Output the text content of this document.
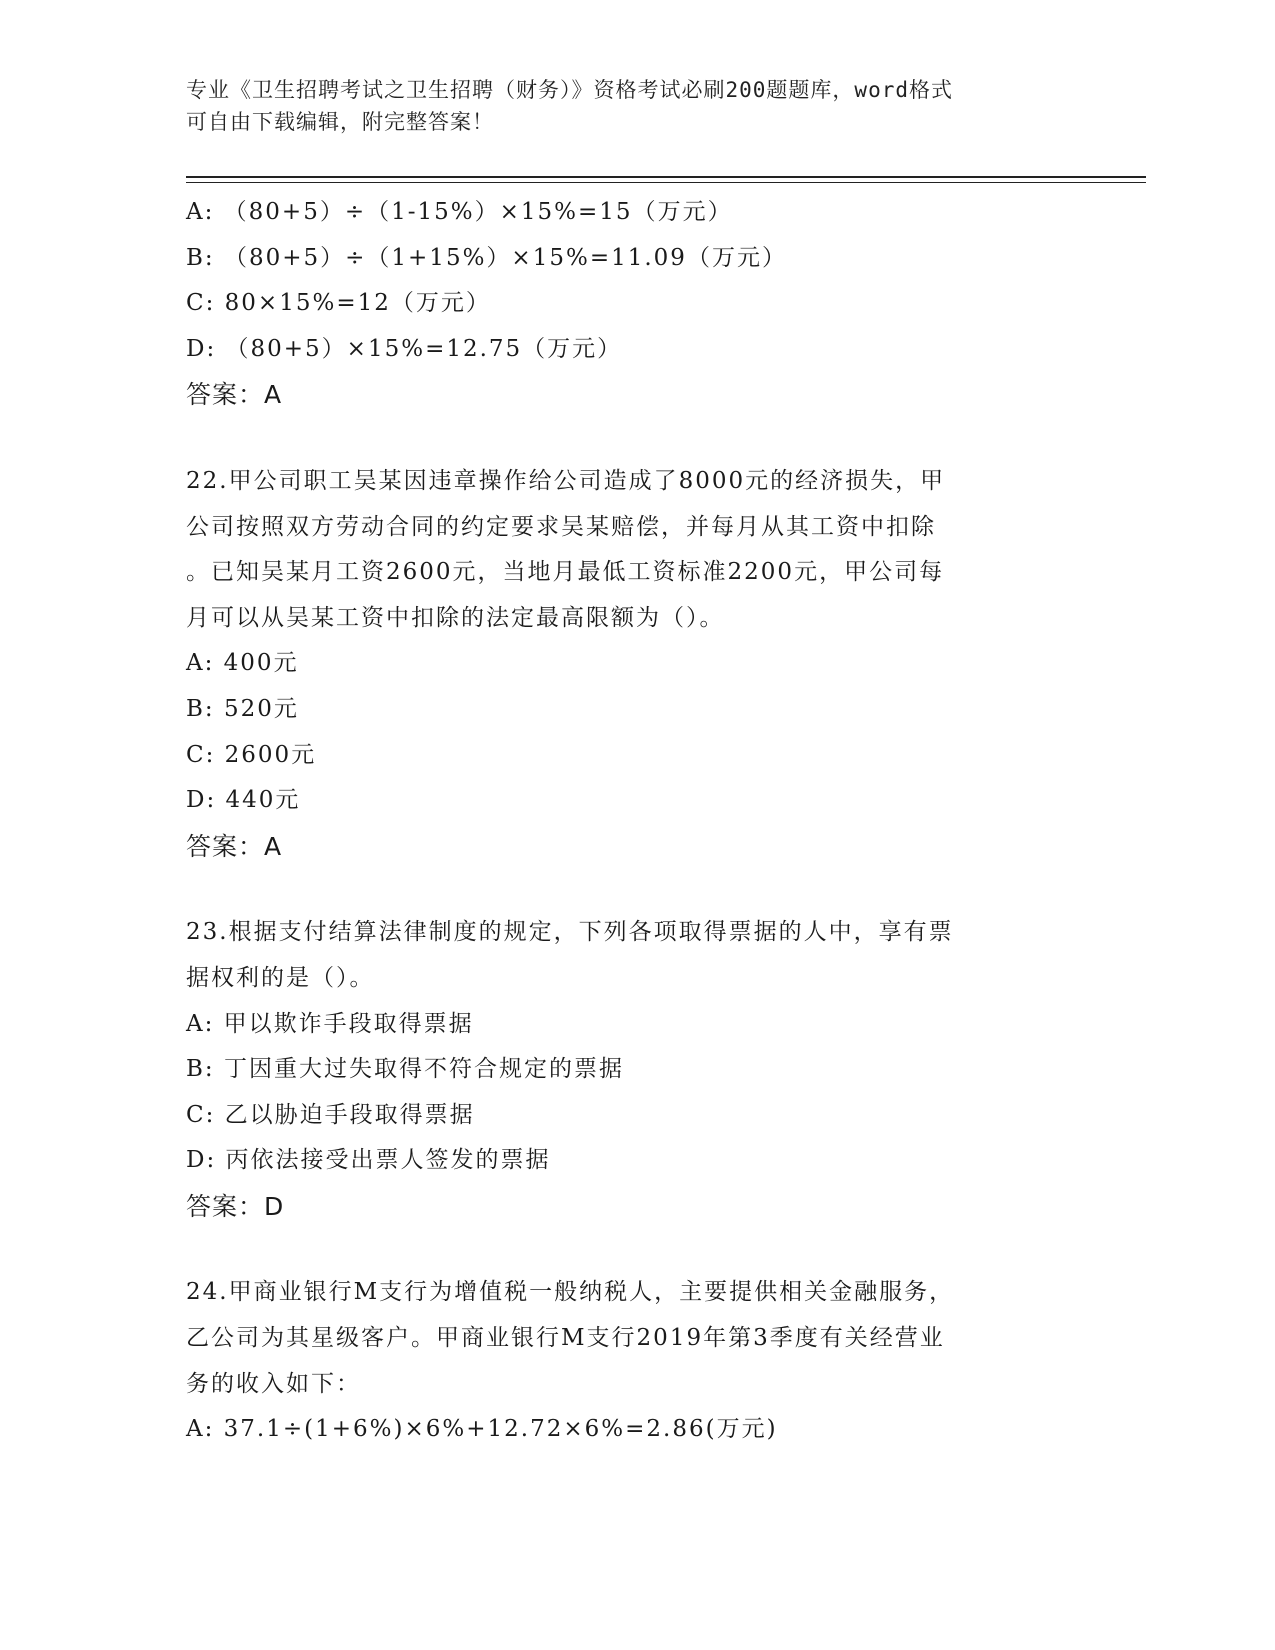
专业《卫生招聘考试之卫生招聘（财务）》资格考试必刷200题题库，word格式
可自由下载编辑，附完整答案！
A: （80+5）÷（1-15%）×15%=15（万元）
B: （80+5）÷（1+15%）×15%=11.09（万元）
C: 80×15%=12（万元）
D: （80+5）×15%=12.75（万元）
答案：A
22.甲公司职工吴某因违章操作给公司造成了8000元的经济损失，甲
公司按照双方劳动合同的约定要求吴某赔偿，并每月从其工资中扣除
。已知吴某月工资2600元，当地月最低工资标准2200元，甲公司每
月可以从吴某工资中扣除的法定最高限额为（）。
A: 400元
B: 520元
C: 2600元
D: 440元
答案：A
23.根据支付结算法律制度的规定，下列各项取得票据的人中，享有票
据权利的是（）。
A: 甲以欺诈手段取得票据
B: 丁因重大过失取得不符合规定的票据
C: 乙以胁迫手段取得票据
D: 丙依法接受出票人签发的票据
答案：D
24.甲商业银行M支行为增值税一般纳税人，主要提供相关金融服务，
乙公司为其星级客户。甲商业银行M支行2019年第3季度有关经营业
务的收入如下：
A: 37.1÷(1+6%)×6%+12.72×6%=2.86(万元)
